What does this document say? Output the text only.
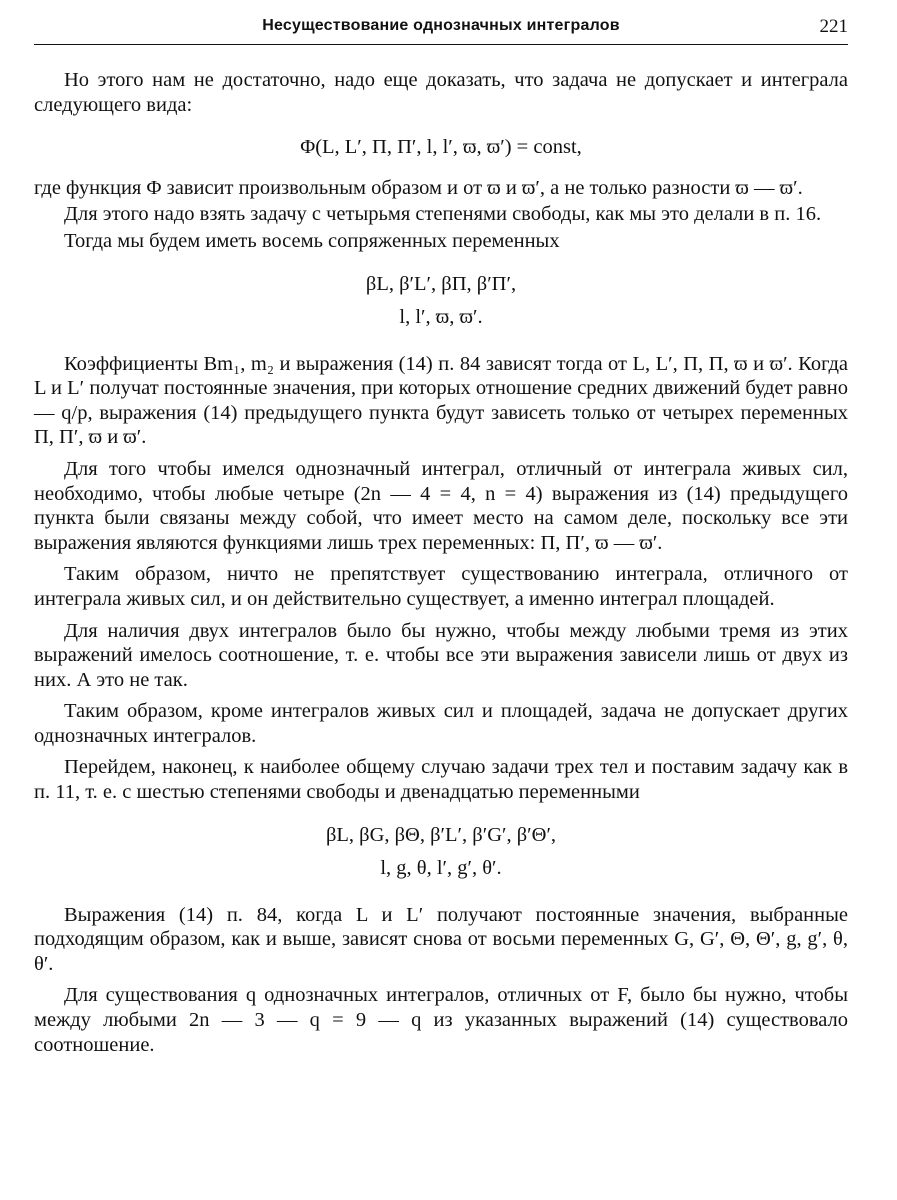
Несуществование однозначных интегралов	221

Но этого нам не достаточно, надо еще доказать, что задача не допускает и интеграла следующего вида:

Φ(L, L′, Π, Π′, l, l′, ϖ, ϖ′) = const,

где функция Φ зависит произвольным образом и от ϖ и ϖ′, а не только разности ϖ — ϖ′.

Для этого надо взять задачу с четырьмя степенями свободы, как мы это делали в п. 16.

Тогда мы будем иметь восемь сопряженных переменных

βL, β′L′, βΠ, β′Π′,
l, l′, ϖ, ϖ′.

Коэффициенты Bm₁, m₂ и выражения (14) п. 84 зависят тогда от L, L′, Π, Π, ϖ и ϖ′. Когда L и L′ получат постоянные значения, при которых отношение средних движений будет равно — q/p, выражения (14) предыдущего пункта будут зависеть только от четырех переменных Π, Π′, ϖ и ϖ′.

Для того чтобы имелся однозначный интеграл, отличный от интеграла живых сил, необходимо, чтобы любые четыре (2n — 4 = 4, n = 4) выражения из (14) предыдущего пункта были связаны между собой, что имеет место на самом деле, поскольку все эти выражения являются функциями лишь трех переменных: Π, Π′, ϖ — ϖ′.

Таким образом, ничто не препятствует существованию интеграла, отличного от интеграла живых сил, и он действительно существует, а именно интеграл площадей.

Для наличия двух интегралов было бы нужно, чтобы между любыми тремя из этих выражений имелось соотношение, т. е. чтобы все эти выражения зависели лишь от двух из них. А это не так.

Таким образом, кроме интегралов живых сил и площадей, задача не допускает других однозначных интегралов.

Перейдем, наконец, к наиболее общему случаю задачи трех тел и поставим задачу как в п. 11, т. е. с шестью степенями свободы и двенадцатью переменными

βL, βG, βΘ, β′L′, β′G′, β′Θ′,
l, g, θ, l′, g′, θ′.

Выражения (14) п. 84, когда L и L′ получают постоянные значения, выбранные подходящим образом, как и выше, зависят снова от восьми переменных G, G′, Θ, Θ′, g, g′, θ, θ′.

Для существования q однозначных интегралов, отличных от F, было бы нужно, чтобы между любыми 2n — 3 — q = 9 — q из указанных выражений (14) существовало соотношение.
